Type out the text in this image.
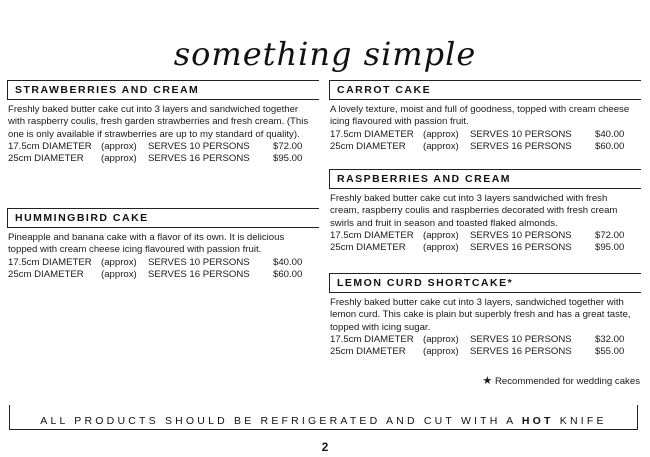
something simple
STRAWBERRIES AND CREAM
Freshly baked butter cake cut into 3 layers and sandwiched together with raspberry coulis, fresh garden strawberries and fresh cream. (This one is only available if strawberries are up to my standard of quality).
17.5cm DIAMETER (approx)	SERVES 10 PERSONS	$72.00
25cm DIAMETER	(approx)	SERVES 16 PERSONS	$95.00
HUMMINGBIRD CAKE
Pineapple and banana cake with a flavor of its own. It is delicious topped with cream cheese icing flavoured with passion fruit.
17.5cm DIAMETER (approx)	SERVES 10 PERSONS	$40.00
25cm DIAMETER	(approx)	SERVES 16 PERSONS	$60.00
CARROT CAKE
A lovely texture, moist and full of goodness, topped with cream cheese icing flavoured with passion fruit.
17.5cm DIAMETER (approx)	SERVES 10 PERSONS	$40.00
25cm DIAMETER	(approx)	SERVES 16 PERSONS	$60.00
RASPBERRIES AND CREAM
Freshly baked butter cake cut into 3 layers sandwiched with fresh cream, raspberry coulis and raspberries decorated with fresh cream swirls and fruit in season and toasted flaked almonds.
17.5cm DIAMETER (approx)	SERVES 10 PERSONS	$72.00
25cm DIAMETER	(approx)	SERVES 16 PERSONS	$95.00
LEMON CURD SHORTCAKE*
Freshly baked butter cake cut into 3 layers, sandwiched together with lemon curd. This cake is plain but superbly fresh and has a great taste, topped with icing sugar.
17.5cm DIAMETER (approx)	SERVES 10 PERSONS	$32.00
25cm DIAMETER	(approx)	SERVES 16 PERSONS	$55.00
★ Recommended for wedding cakes
ALL PRODUCTS SHOULD BE REFRIGERATED AND CUT WITH A HOT KNIFE
2
